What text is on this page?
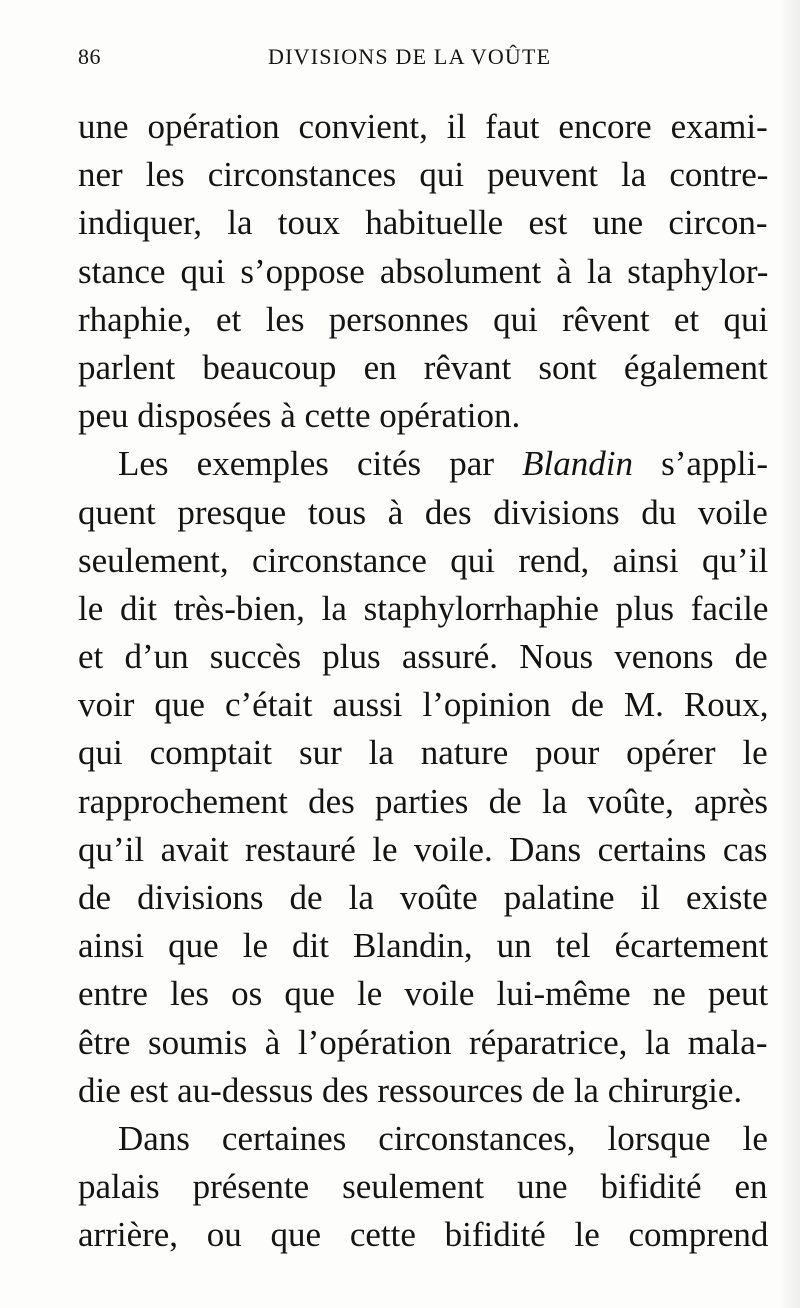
86	DIVISIONS DE LA VOÛTE
une opération convient, il faut encore exami-
ner les circonstances qui peuvent la contre-
indiquer, la toux habituelle est une circon-
stance qui s’oppose absolument à la staphylor-
rhaphie, et les personnes qui rêvent et qui
parlent beaucoup en rêvant sont également
peu disposées à cette opération.
Les exemples cités par Blandin s’appli-
quent presque tous à des divisions du voile
seulement, circonstance qui rend, ainsi qu’il
le dit très-bien, la staphylorrhaphie plus facile
et d’un succès plus assuré. Nous venons de
voir que c’était aussi l’opinion de M. Roux,
qui comptait sur la nature pour opérer le
rapprochement des parties de la voûte, après
qu’il avait restauré le voile. Dans certains cas
de divisions de la voûte palatine il existe
ainsi que le dit Blandin, un tel écartement
entre les os que le voile lui-même ne peut
être soumis à l’opération réparatrice, la mala-
die est au-dessus des ressources de la chirurgie.
Dans certaines circonstances, lorsque le
palais présente seulement une bifidité en
arrière, ou que cette bifidité le comprend
